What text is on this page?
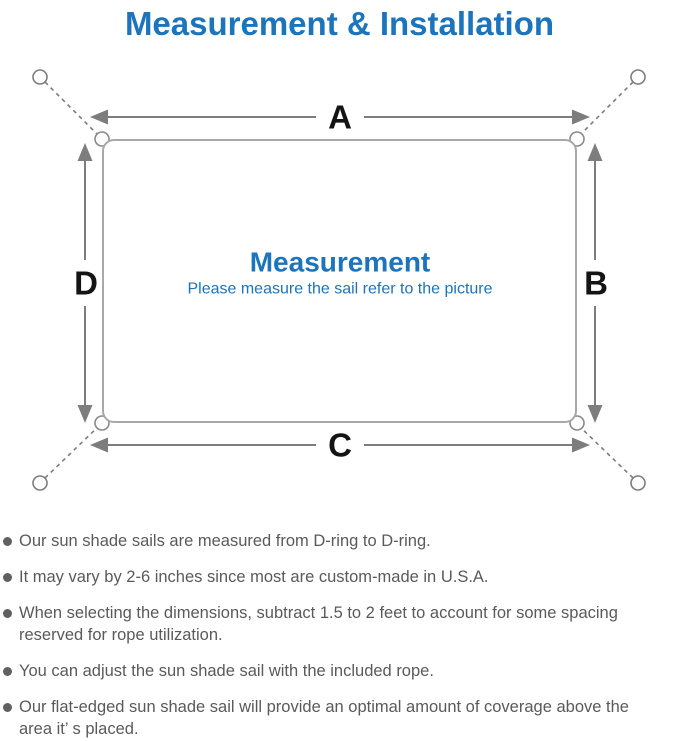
Measurement & Installation
A
C
D	B
Measurement
Please measure the sail refer to the picture
Our sun shade sails are measured from D-ring to D-ring.
It may vary by 2-6 inches since most are custom-made in U.S.A.
When selecting the dimensions, subtract 1.5 to 2 feet to account for some spacing reserved for rope utilization.
You can adjust the sun shade sail with the included rope.
Our flat-edged sun shade sail will provide an optimal amount of coverage above the area it’ s placed.
